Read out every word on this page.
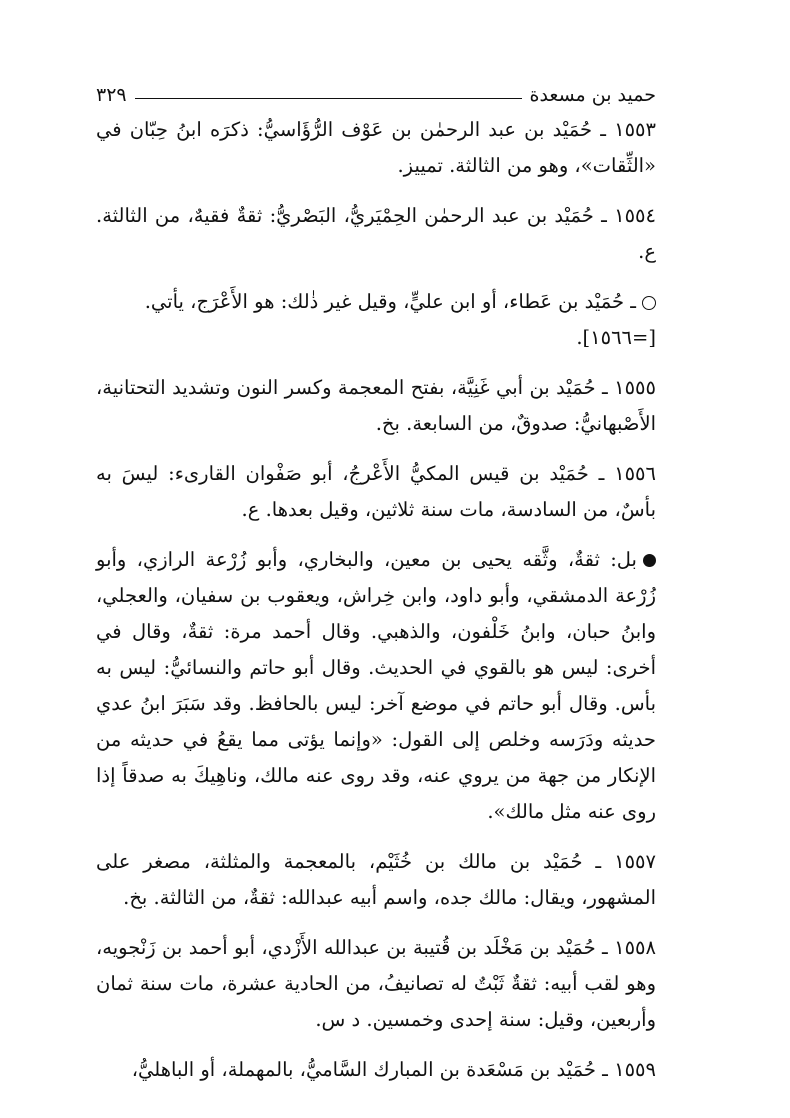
حميد بن مسعدة
٣٢٩

١٥٥٣ ـ حُمَيْد بن عبد الرحمٰن بن عَوْف الرُّؤَاسيُّ: ذكرَه ابنُ حِبّان في «الثِّقات»، وهو من الثالثة. تمييز.

١٥٥٤ ـ حُمَيْد بن عبد الرحمٰن الحِمْيَريُّ، البَصْريُّ: ثقةٌ فقيهٌ، من الثالثة. ع.

ـ حُمَيْد بن عَطاء، أو ابن عليٍّ، وقيل غير ذٰلك: هو الأَعْرَج، يأتي.

[=١٥٦٦].

١٥٥٥ ـ حُمَيْد بن أبي غَنِيَّة، بفتح المعجمة وكسر النون وتشديد التحتانية، الأَصْبهانيُّ: صدوقٌ، من السابعة. بخ.

١٥٥٦ ـ حُمَيْد بن قيس المكيُّ الأَعْرجُ، أبو صَفْوان القارىء: ليسَ به بأسٌ، من السادسة، مات سنة ثلاثين، وقيل بعدها. ع.

بل: ثقةٌ، وثَّقه يحيى بن معين، والبخاري، وأبو زُرْعة الرازي، وأبو زُرْعة الدمشقي، وأبو داود، وابن خِراش، ويعقوب بن سفيان، والعجلي، وابنُ حبان، وابنُ خَلْفون، والذهبي. وقال أحمد مرة: ثقةٌ، وقال في أخرى: ليس هو بالقوي في الحديث. وقال أبو حاتم والنسائيُّ: ليس به بأس. وقال أبو حاتم في موضع آخر: ليس بالحافظ. وقد سَبَرَ ابنُ عدي حديثه ودَرَسه وخلص إلى القول: «وإنما يؤتى مما يقعُ في حديثه من الإنكار من جهة من يروي عنه، وقد روى عنه مالك، وناهِيكَ به صدقاً إذا روى عنه مثل مالك».

١٥٥٧ ـ حُمَيْد بن مالك بن خُثَيْم، بالمعجمة والمثلثة، مصغر على المشهور، ويقال: مالك جده، واسم أبيه عبدالله: ثقةٌ، من الثالثة. بخ.

١٥٥٨ ـ حُمَيْد بن مَخْلَد بن قُتيبة بن عبدالله الأَزْدي، أبو أحمد بن زَنْجويه، وهو لقب أبيه: ثقةٌ ثَبْتٌ له تصانيفُ، من الحادية عشرة، مات سنة ثمان وأربعين، وقيل: سنة إحدى وخمسين. د س.

١٥٥٩ ـ حُمَيْد بن مَسْعَدة بن المبارك السَّاميُّ، بالمهملة، أو الباهليُّ،
